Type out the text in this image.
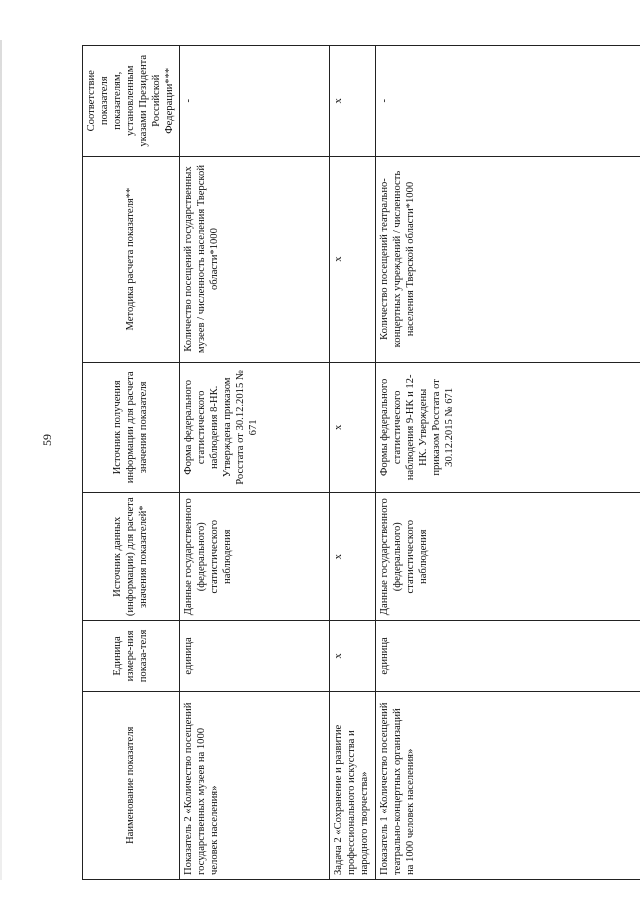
59
Наименование показателя	Единица измере-ния показа-теля	Источник данных (информации) для расчета значения показателей*	Источник получения информации для расчета значения показателя	Методика расчета показателя**	Соответствие показателя показателям, установленным указами Президента Российской Федерации***
Показатель 2 «Количество посещений государственных музеев на 1000 человек населения»	единица	Данные государственного (федерального) статистического наблюдения	Форма федерального статистического наблюдения 8-НК. Утверждена приказом Росстата от 30.12.2015 № 671	Количество посещений государственных музеев / численность населения Тверской области*1000	-
Задача 2 «Сохранение и развитие профессионального искусства и народного творчества»	x	x	x	x	x
Показатель 1 «Количество посещений театрально-концертных организаций на 1000 человек населения»	единица	Данные государственного (федерального) статистического наблюдения	Формы федерального статистического наблюдения 9-НК и 12-НК. Утверждены приказом Росстата от 30.12.2015 № 671	Количество посещений театрально-концертных учреждений / численность населения Тверской области*1000	-
